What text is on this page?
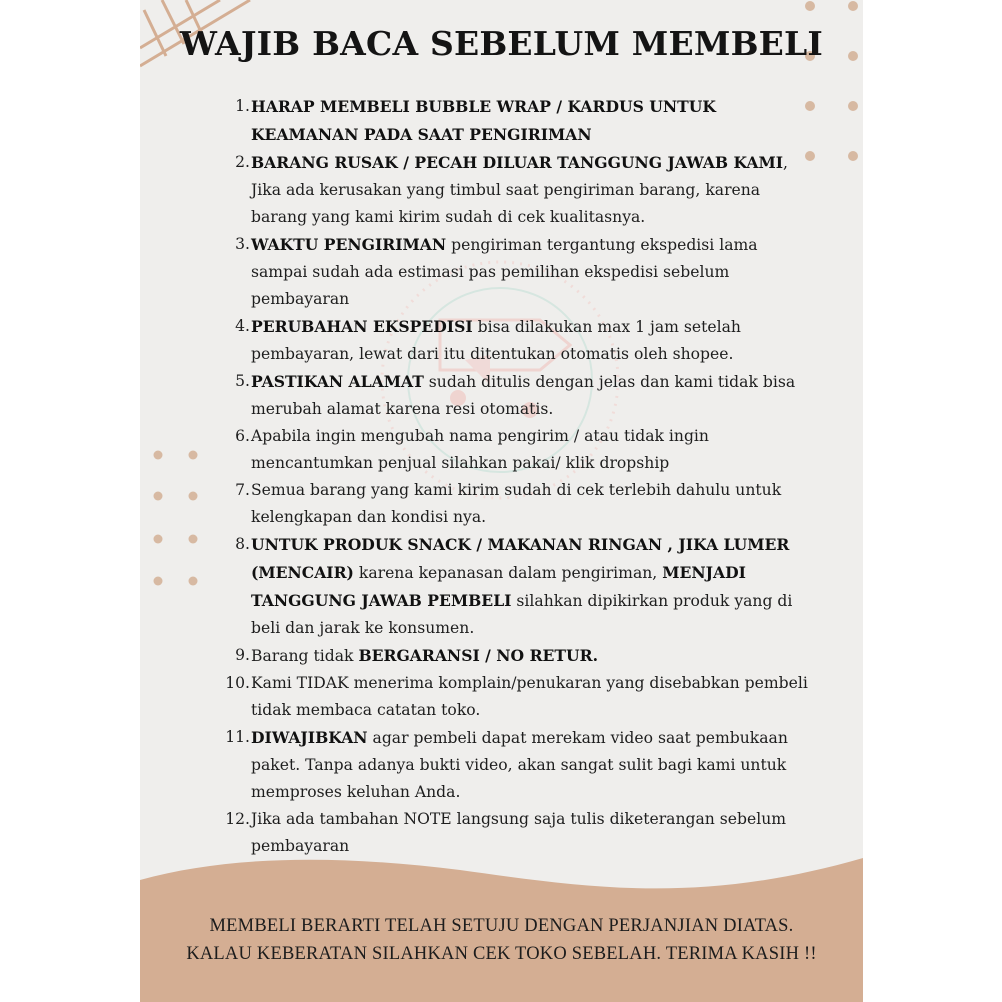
WAJIB BACA SEBELUM MEMBELI
1. HARAP MEMBELI BUBBLE WRAP / KARDUS UNTUK KEAMANAN PADA SAAT PENGIRIMAN
2. BARANG RUSAK / PECAH DILUAR TANGGUNG JAWAB KAMI, Jika ada kerusakan yang timbul saat pengiriman barang, karena barang yang kami kirim sudah di cek kualitasnya.
3. WAKTU PENGIRIMAN pengiriman tergantung ekspedisi lama sampai sudah ada estimasi pas pemilihan ekspedisi sebelum pembayaran
4. PERUBAHAN EKSPEDISI bisa dilakukan max 1 jam setelah pembayaran, lewat dari itu ditentukan otomatis oleh shopee.
5. PASTIKAN ALAMAT sudah ditulis dengan jelas dan kami tidak bisa merubah alamat karena resi otomatis.
6. Apabila ingin mengubah nama pengirim / atau tidak ingin mencantumkan penjual silahkan pakai/ klik dropship
7. Semua barang yang kami kirim sudah di cek terlebih dahulu untuk kelengkapan dan kondisi nya.
8. UNTUK PRODUK SNACK / MAKANAN RINGAN , JIKA LUMER (MENCAIR) karena kepanasan dalam pengiriman, MENJADI TANGGUNG JAWAB PEMBELI silahkan dipikirkan produk yang di beli dan jarak ke konsumen.
9. Barang tidak BERGARANSI / NO RETUR.
10. Kami TIDAK menerima komplain/penukaran yang disebabkan pembeli tidak membaca catatan toko.
11. DIWAJIBKAN agar pembeli dapat merekam video saat pembukaan paket. Tanpa adanya bukti video, akan sangat sulit bagi kami untuk memproses keluhan Anda.
12. Jika ada tambahan NOTE langsung saja tulis diketerangan sebelum pembayaran
MEMBELI BERARTI TELAH SETUJU DENGAN PERJANJIAN DIATAS.
KALAU KEBERATAN SILAHKAN CEK TOKO SEBELAH. TERIMA KASIH !!
